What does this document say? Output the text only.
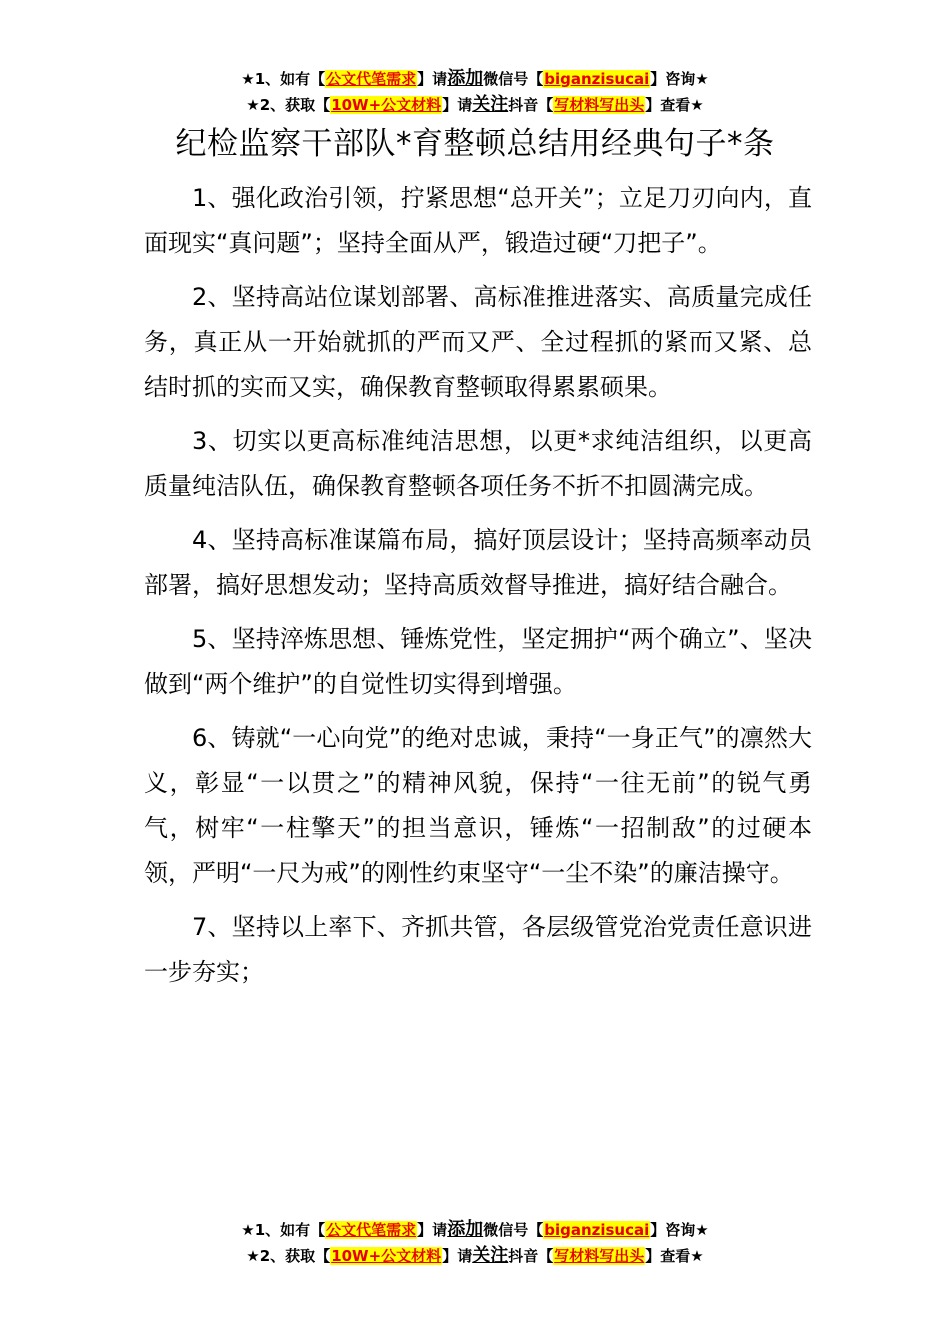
★1、如有【公文代笔需求】请添加微信号【biganzisucai】咨询★
★2、获取【10W+公文材料】请关注抖音【写材料写出头】查看★
纪检监察干部队*育整顿总结用经典句子*条

1、强化政治引领，拧紧思想“总开关”；立足刀刃向内，直面现实“真问题”；坚持全面从严，锻造过硬“刀把子”。

2、坚持高站位谋划部署、高标准推进落实、高质量完成任务，真正从一开始就抓的严而又严、全过程抓的紧而又紧、总结时抓的实而又实，确保教育整顿取得累累硕果。

3、切实以更高标准纯洁思想，以更*求纯洁组织，以更高质量纯洁队伍，确保教育整顿各项任务不折不扣圆满完成。

4、坚持高标准谋篇布局，搞好顶层设计；坚持高频率动员部署，搞好思想发动；坚持高质效督导推进，搞好结合融合。

5、坚持淬炼思想、锤炼党性，坚定拥护“两个确立”、坚决做到“两个维护”的自觉性切实得到增强。

6、铸就“一心向党”的绝对忠诚，秉持“一身正气”的凛然大义，彰显“一以贯之”的精神风貌，保持“一往无前”的锐气勇气，树牢“一柱擎天”的担当意识，锤炼“一招制敌”的过硬本领，严明“一尺为戒”的刚性约束坚守“一尘不染”的廉洁操守。

7、坚持以上率下、齐抓共管，各层级管党治党责任意识进一步夯实；

★1、如有【公文代笔需求】请添加微信号【biganzisucai】咨询★
★2、获取【10W+公文材料】请关注抖音【写材料写出头】查看★
